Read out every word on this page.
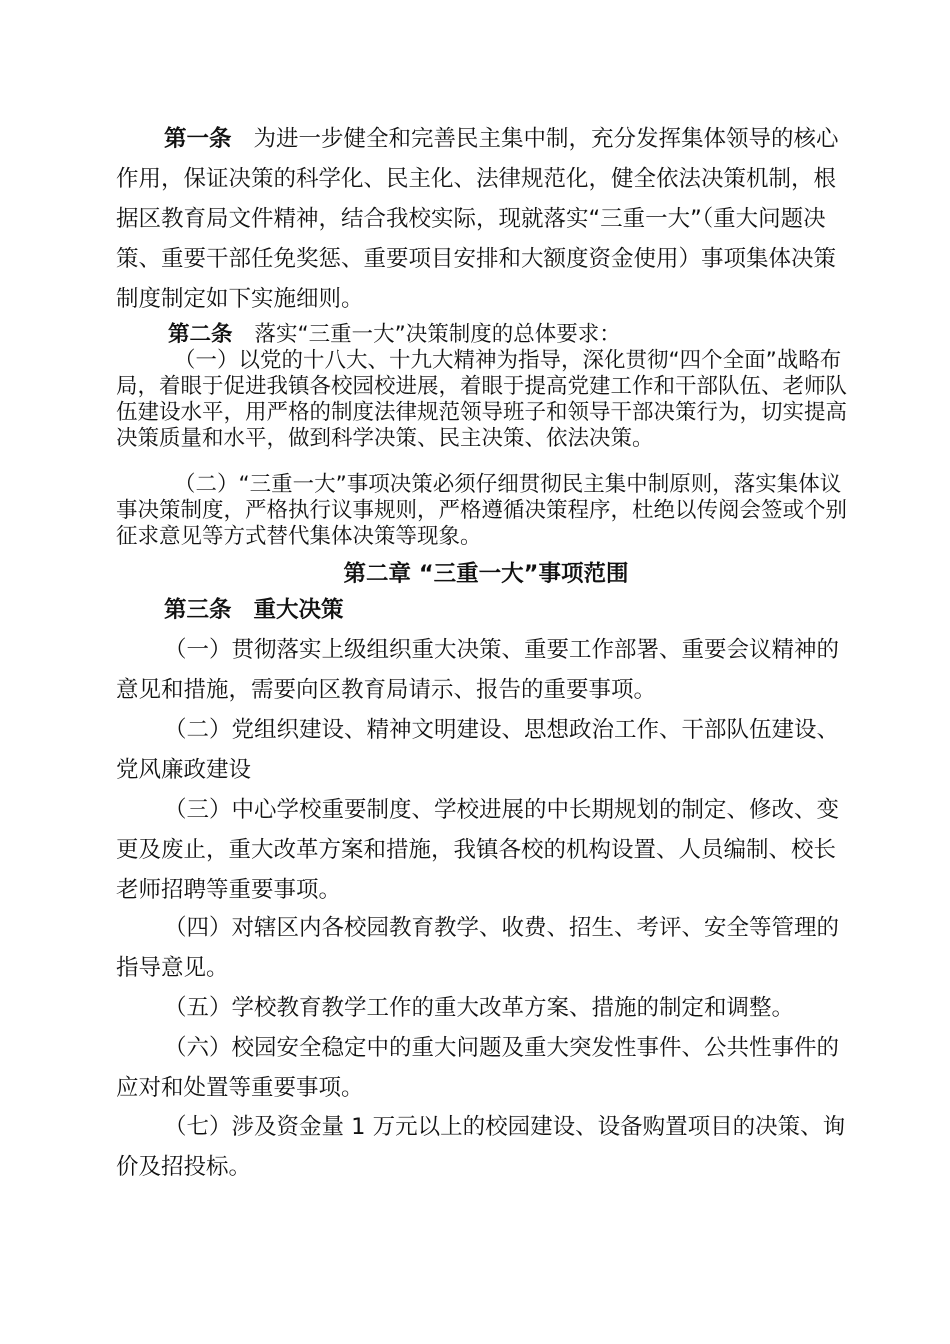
第一条 为进一步健全和完善民主集中制，充分发挥集体领导的核心作用，保证决策的科学化、民主化、法律规范化，健全依法决策机制，根据区教育局文件精神，结合我校实际，现就落实“三重一大”（重大问题决策、重要干部任免奖惩、重要项目安排和大额度资金使用）事项集体决策制度制定如下实施细则。

第二条 落实“三重一大”决策制度的总体要求：

（一）以党的十八大、十九大精神为指导，深化贯彻“四个全面”战略布局，着眼于促进我镇各校园校进展，着眼于提高党建工作和干部队伍、老师队伍建设水平，用严格的制度法律规范领导班子和领导干部决策行为，切实提高决策质量和水平，做到科学决策、民主决策、依法决策。

（二）“三重一大”事项决策必须仔细贯彻民主集中制原则，落实集体议事决策制度，严格执行议事规则，严格遵循决策程序，杜绝以传阅会签或个别征求意见等方式替代集体决策等现象。

第二章 “三重一大”事项范围

第三条 重大决策

（一）贯彻落实上级组织重大决策、重要工作部署、重要会议精神的意见和措施，需要向区教育局请示、报告的重要事项。

（二）党组织建设、精神文明建设、思想政治工作、干部队伍建设、党风廉政建设

（三）中心学校重要制度、学校进展的中长期规划的制定、修改、变更及废止，重大改革方案和措施，我镇各校的机构设置、人员编制、校长老师招聘等重要事项。

（四）对辖区内各校园教育教学、收费、招生、考评、安全等管理的指导意见。

（五）学校教育教学工作的重大改革方案、措施的制定和调整。

（六）校园安全稳定中的重大问题及重大突发性事件、公共性事件的应对和处置等重要事项。

（七）涉及资金量 1 万元以上的校园建设、设备购置项目的决策、询价及招投标。
